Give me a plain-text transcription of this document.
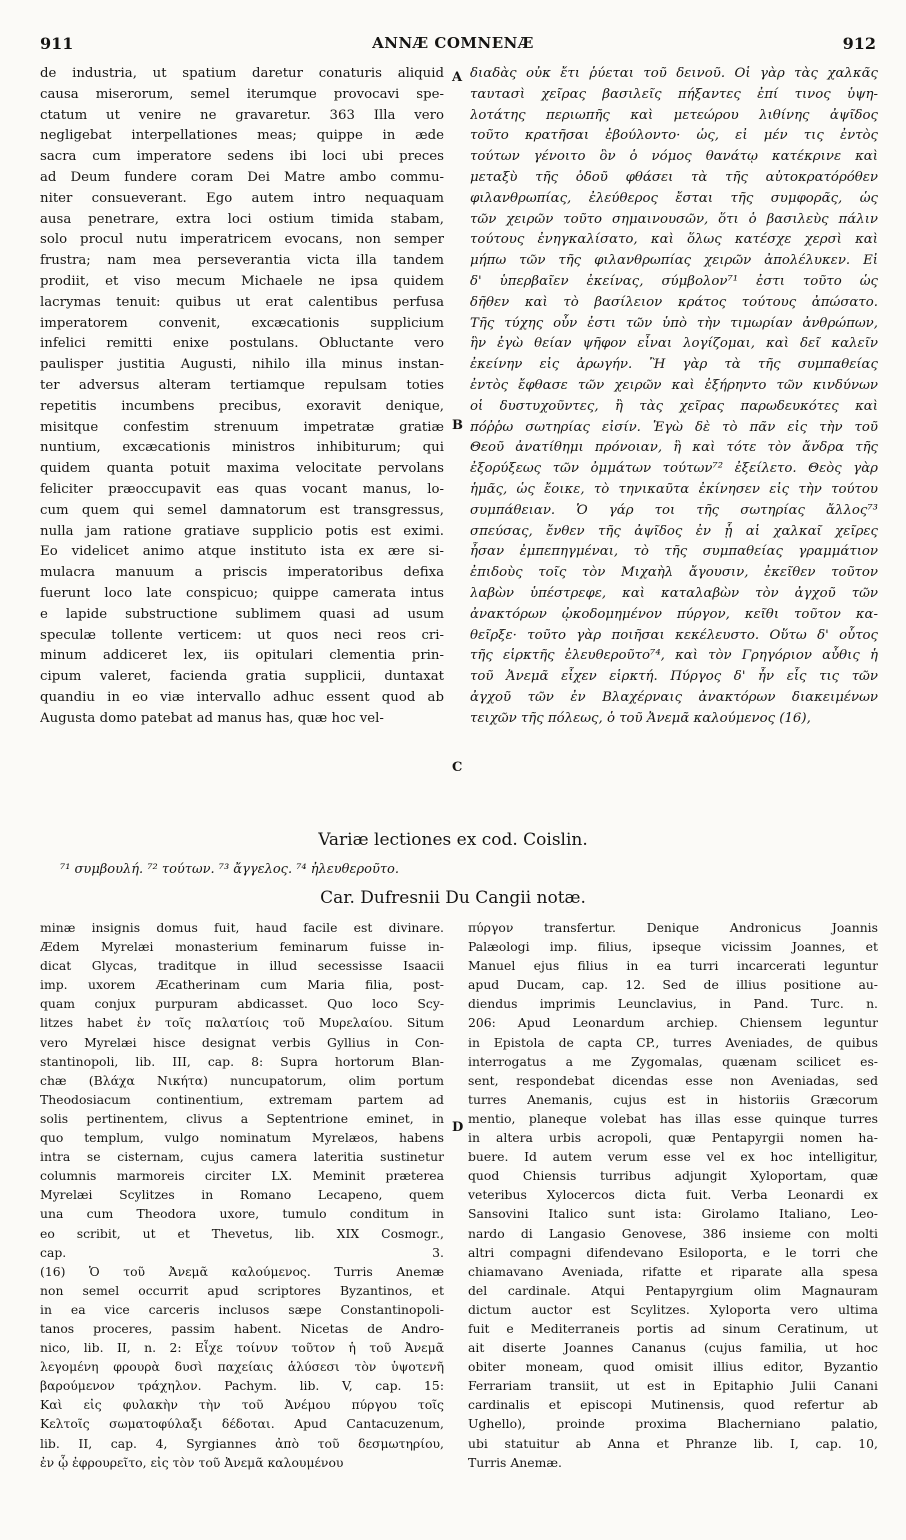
911	ANNÆ COMNENÆ	912
de industria, ut spatium daretur conaturis aliquid
causa miserorum, semel iterumque provocavi spe-
ctatum ut venire ne gravaretur. 363 Illa vero
negligebat interpellationes meas; quippe in æde
sacra cum imperatore sedens ibi loci ubi preces
ad Deum fundere coram Dei Matre ambo commu-
niter consueverant. Ego autem intro nequaquam
ausa penetrare, extra loci ostium timida stabam,
solo procul nutu imperatricem evocans, non semper
frustra; nam mea perseverantia victa illa tandem
prodiit, et viso mecum Michaele ne ipsa quidem
lacrymas tenuit: quibus ut erat calentibus perfusa
imperatorem convenit, excæcationis supplicium
infelici remitti enixe postulans. Obluctante vero
paulisper justitia Augusti, nihilo illa minus instan-
ter adversus alteram tertiamque repulsam toties
repetitis incumbens precibus, exoravit denique,
misitque confestim strenuum impetratæ gratiæ
nuntium, excæcationis ministros inhibiturum; qui
quidem quanta potuit maxima velocitate pervolans
feliciter præoccupavit eas quas vocant manus, lo-
cum quem qui semel damnatorum est transgressus,
nulla jam ratione gratiave supplicio potis est eximi.
Eo videlicet animo atque instituto ista ex ære si-
mulacra manuum a priscis imperatoribus defixa
fuerunt loco late conspicuo; quippe camerata intus
e lapide substructione sublimem quasi ad usum
speculæ tollente verticem: ut quos neci reos cri-
minum addiceret lex, iis opitulari clementia prin-
cipum valeret, facienda gratia supplicii, duntaxat
quandiu in eo viæ intervallo adhuc essent quod ab
Augusta domo patebat ad manus has, quæ hoc vel-
διαδὰς οὐκ ἔτι ῥύεται τοῦ δεινοῦ. Οἱ γὰρ τὰς χαλκᾶς
ταυτασὶ χεῖρας βασιλεῖς πήξαντες ἐπί τινος ὑψη-
λοτάτης περιωπῆς καὶ μετεώρου λιθίνης ἀψῖδος
τοῦτο κρατῆσαι ἐβούλοντο· ὡς, εἰ μέν τις ἐντὸς
τούτων γένοιτο ὃν ὁ νόμος θανάτῳ κατέκρινε καὶ
μεταξὺ τῆς ὁδοῦ φθάσει τὰ τῆς αὐτοκρατόρόθεν
φιλανθρωπίας, ἐλεύθερος ἔσται τῆς συμφορᾶς, ὡς
τῶν χειρῶν τοῦτο σημαινουσῶν, ὅτι ὁ βασιλεὺς πάλιν
τούτους ἐνηγκαλίσατο, καὶ ὅλως κατέσχε χερσὶ καὶ
μήπω τῶν τῆς φιλανθρωπίας χειρῶν ἀπολέλυκεν. Εἰ
δ' ὑπερβαῖεν ἐκείνας, σύμβολον⁷¹ ἐστι τοῦτο ὡς
δῆθεν καὶ τὸ βασίλειον κράτος τούτους ἀπώσατο.
Τῆς τύχης οὖν ἐστι τῶν ὑπὸ τὴν τιμωρίαν ἀνθρώπων,
ἣν ἐγὼ θείαν ψῆφον εἶναι λογίζομαι, καὶ δεῖ καλεῖν
ἐκείνην εἰς ἀρωγήν. Ἢ γὰρ τὰ τῆς συμπαθείας
ἐντὸς ἔφθασε τῶν χειρῶν καὶ ἐξήρηντο τῶν κινδύνων
οἱ δυστυχοῦντες, ἢ τὰς χεῖρας παρωδευκότες καὶ
πόῤῥω σωτηρίας εἰσίν. Ἐγὼ δὲ τὸ πᾶν εἰς τὴν τοῦ
Θεοῦ ἀνατίθημι πρόνοιαν, ἣ καὶ τότε τὸν ἄνδρα τῆς
ἐξορύξεως τῶν ὀμμάτων τούτων⁷² ἐξείλετο. Θεὸς γὰρ
ἡμᾶς, ὡς ἔοικε, τὸ τηνικαῦτα ἐκίνησεν εἰς τὴν τούτου
συμπάθειαν. Ὁ γάρ τοι τῆς σωτηρίας ἄλλος⁷³
σπεύσας, ἔνθεν τῆς ἀψῖδος ἐν ᾗ αἱ χαλκαῖ χεῖρες
ἦσαν ἐμπεπηγμέναι, τὸ τῆς συμπαθείας γραμμάτιον
ἐπιδοὺς τοῖς τὸν Μιχαὴλ ἄγουσιν, ἐκεῖθεν τοῦτον
λαβὼν ὑπέστρεφε, καὶ καταλαβὼν τὸν ἀγχοῦ τῶν
ἀνακτόρων ᾠκοδομημένον πύργον, κεῖθι τοῦτον κα-
θεῖρξε· τοῦτο γὰρ ποιῆσαι κεκέλευστο. Οὕτω δ' οὗτος
τῆς εἱρκτῆς ἐλευθεροῦτο⁷⁴, καὶ τὸν Γρηγόριον αὖθις ἡ
τοῦ Ἀνεμᾶ εἶχεν εἱρκτή. Πύργος δ' ἦν εἷς τις τῶν
ἀγχοῦ τῶν ἐν Βλαχέρναις ἀνακτόρων διακειμένων
τειχῶν τῆς πόλεως, ὁ τοῦ Ἀνεμᾶ καλούμενος (16),
A
B
C
D
Variæ lectiones ex cod. Coislin.
⁷¹ συμβουλή. ⁷² τούτων. ⁷³ ἄγγελος. ⁷⁴ ἠλευθεροῦτο.
Car. Dufresnii Du Cangii notæ.
minæ insignis domus fuit, haud facile est divinare.
Ædem Myrelæi monasterium feminarum fuisse in-
dicat Glycas, traditque in illud secessisse Isaacii
imp. uxorem Æcatherinam cum Maria filia, post-
quam conjux purpuram abdicasset. Quo loco Scy-
litzes habet ἐν τοῖς παλατίοις τοῦ Μυρελαίου. Situm
vero Myrelæi hisce designat verbis Gyllius in Con-
stantinopoli, lib. III, cap. 8: Supra hortorum Blan-
chæ (Βλάχα Νικήτα) nuncupatorum, olim portum
Theodosiacum continentium, extremam partem ad
solis pertinentem, clivus a Septentrione eminet, in
quo templum, vulgo nominatum Myrelæos, habens
intra se cisternam, cujus camera lateritia sustinetur
columnis marmoreis circiter LX. Meminit præterea
Myrelæi Scylitzes in Romano Lecapeno, quem
una cum Theodora uxore, tumulo conditum in
eo scribit, ut et Thevetus, lib. XIX Cosmogr.,
cap. 3.
(16) Ὁ τοῦ Ἀνεμᾶ καλούμενος. Turris Anemæ
non semel occurrit apud scriptores Byzantinos, et
in ea vice carceris inclusos sæpe Constantinopoli-
tanos proceres, passim habent. Nicetas de Andro-
nico, lib. II, n. 2: Εἶχε τοίνυν τοῦτον ἡ τοῦ Ἀνεμᾶ
λεγομένη φρουρὰ δυσὶ παχείαις ἁλύσεσι τὸν ὑψοτενῆ
βαρούμενον τράχηλον. Pachym. lib. V, cap. 15:
Καὶ εἰς φυλακὴν τὴν τοῦ Ἀνέμου πύργου τοῖς
Κελτοῖς σωματοφύλαξι δέδοται. Apud Cantacuzenum,
lib. II, cap. 4, Syrgiannes ἀπὸ τοῦ δεσμωτηρίου,
ἐν ᾧ ἐφρουρεῖτο, εἰς τὸν τοῦ Ἀνεμᾶ καλουμένου
πύργον transfertur. Denique Andronicus Joannis
Palæologi imp. filius, ipseque vicissim Joannes, et
Manuel ejus filius in ea turri incarcerati leguntur
apud Ducam, cap. 12. Sed de illius positione au-
diendus imprimis Leunclavius, in Pand. Turc. n.
206: Apud Leonardum archiep. Chiensem leguntur
in Epistola de capta CP., turres Aveniades, de quibus
interrogatus a me Zygomalas, quænam scilicet es-
sent, respondebat dicendas esse non Aveniadas, sed
turres Anemanis, cujus est in historiis Græcorum
mentio, planeque volebat has illas esse quinque turres
in altera urbis acropoli, quæ Pentapyrgii nomen ha-
buere. Id autem verum esse vel ex hoc intelligitur,
quod Chiensis turribus adjungit Xyloportam, quæ
veteribus Xylocercos dicta fuit. Verba Leonardi ex
Sansovini Italico sunt ista: Girolamo Italiano, Leo-
nardo di Langasio Genovese, 386 insieme con molti
altri compagni difendevano Esiloporta, e le torri che
chiamavano Aveniada, rifatte et riparate alla spesa
del cardinale. Atqui Pentapyrgium olim Magnauram
dictum auctor est Scylitzes. Xyloporta vero ultima
fuit e Mediterraneis portis ad sinum Ceratinum, ut
ait diserte Joannes Cananus (cujus familia, ut hoc
obiter moneam, quod omisit illius editor, Byzantio
Ferrariam transiit, ut est in Epitaphio Julii Canani
cardinalis et episcopi Mutinensis, quod refertur ab
Ughello), proinde proxima Blacherniano palatio,
ubi statuitur ab Anna et Phranze lib. I, cap. 10,
Turris Anemæ.
